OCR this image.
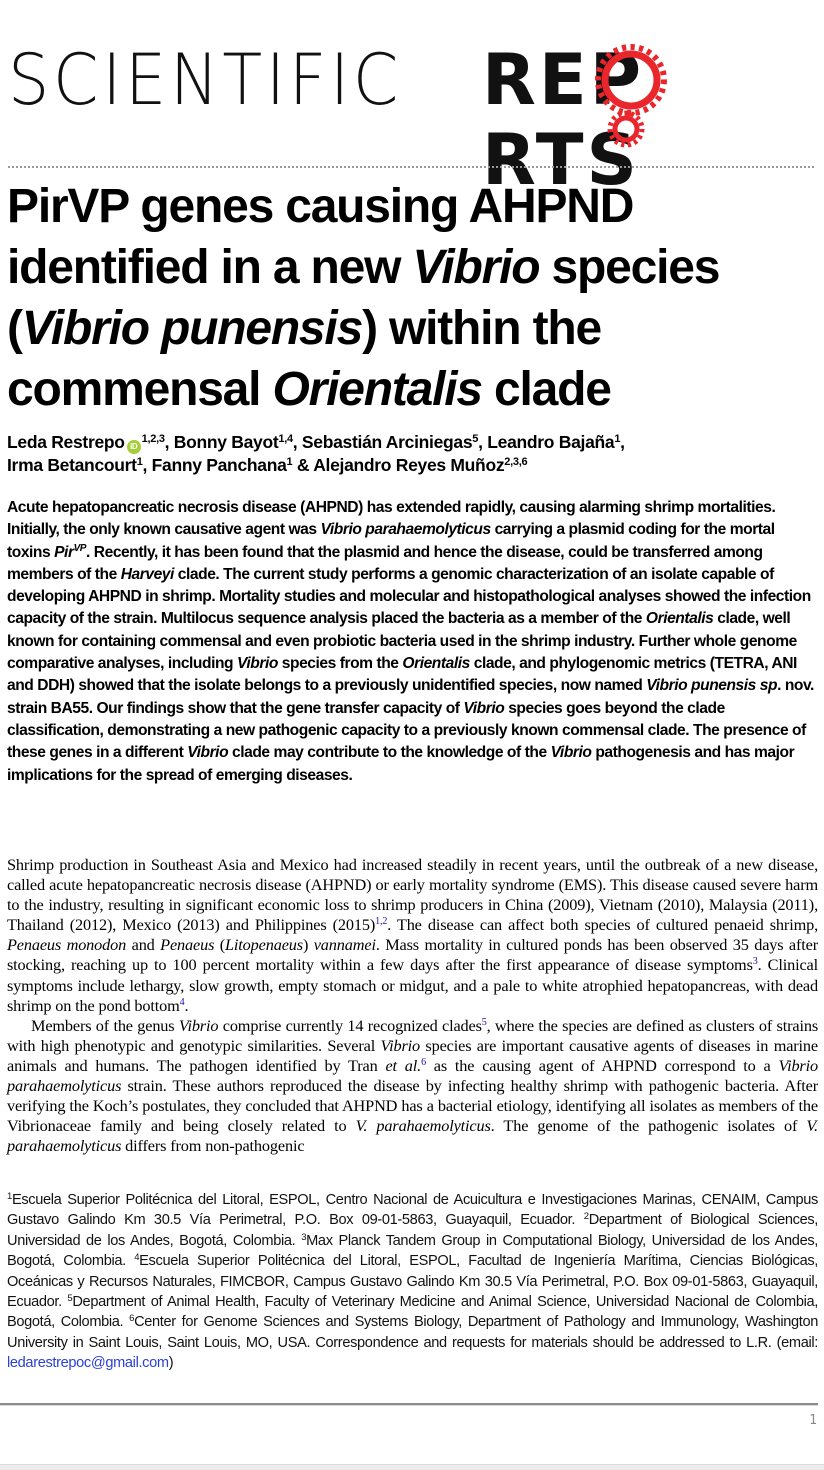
SCIENTIFIC REPRTS
PirVP genes causing AHPND
identified in a new Vibrio species
(Vibrio punensis) within the
commensal Orientalis clade
Leda Restrepo iD$^{1,2,3}$, Bonny Bayot$^{1,4}$, Sebastián Arciniegas$^5$, Leandro Bajaña$^1$,
Irma Betancourt$^1$, Fanny Panchana$^1$ & Alejandro Reyes Muñoz$^{2,3,6}$
Acute hepatopancreatic necrosis disease (AHPND) has extended rapidly, causing alarming shrimp mortalities. Initially, the only known causative agent was Vibrio parahaemolyticus carrying a plasmid coding for the mortal toxins Pir$^{VP}$. Recently, it has been found that the plasmid and hence the disease, could be transferred among members of the Harveyi clade. The current study performs a genomic characterization of an isolate capable of developing AHPND in shrimp. Mortality studies and molecular and histopathological analyses showed the infection capacity of the strain. Multilocus sequence analysis placed the bacteria as a member of the Orientalis clade, well known for containing commensal and even probiotic bacteria used in the shrimp industry. Further whole genome comparative analyses, including Vibrio species from the Orientalis clade, and phylogenomic metrics (TETRA, ANI and DDH) showed that the isolate belongs to a previously unidentified species, now named Vibrio punensis sp. nov. strain BA55. Our findings show that the gene transfer capacity of Vibrio species goes beyond the clade classification, demonstrating a new pathogenic capacity to a previously known commensal clade. The presence of these genes in a different Vibrio clade may contribute to the knowledge of the Vibrio pathogenesis and has major implications for the spread of emerging diseases.

Shrimp production in Southeast Asia and Mexico had increased steadily in recent years, until the outbreak of a new disease, called acute hepatopancreatic necrosis disease (AHPND) or early mortality syndrome (EMS). This disease caused severe harm to the industry, resulting in significant economic loss to shrimp producers in China (2009), Vietnam (2010), Malaysia (2011), Thailand (2012), Mexico (2013) and Philippines $(2015)^{1,2}$. The disease can affect both species of cultured penaeid shrimp, Penaeus monodon and Penaeus (Litopenaeus) vannamei. Mass mortality in cultured ponds has been observed 35 days after stocking, reaching up to 100 percent mortality within a few days after the first appearance of disease symptoms$^3$. Clinical symptoms include lethargy, slow growth, empty stomach or midgut, and a pale to white atrophied hepatopancreas, with dead shrimp on the pond bottom$^4$.

Members of the genus Vibrio comprise currently 14 recognized clades$^5$, where the species are defined as clusters of strains with high phenotypic and genotypic similarities. Several Vibrio species are important causative agents of diseases in marine animals and humans. The pathogen identified by Tran et al.$^6$ as the causing agent of AHPND correspond to a Vibrio parahaemolyticus strain. These authors reproduced the disease by infecting healthy shrimp with pathogenic bacteria. After verifying the Koch’s postulates, they concluded that AHPND has a bacterial etiology, identifying all isolates as members of the Vibrionaceae family and being closely related to V. parahaemolyticus. The genome of the pathogenic isolates of V. parahaemolyticus differs from non-pathogenic

$^1$Escuela Superior Politécnica del Litoral, ESPOL, Centro Nacional de Acuicultura e Investigaciones Marinas, CENAIM, Campus Gustavo Galindo Km 30.5 Vía Perimetral, P.O. Box 09-01-5863, Guayaquil, Ecuador. $^2$Department of Biological Sciences, Universidad de los Andes, Bogotá, Colombia. $^3$Max Planck Tandem Group in Computational Biology, Universidad de los Andes, Bogotá, Colombia. $^4$Escuela Superior Politécnica del Litoral, ESPOL, Facultad de Ingeniería Marítima, Ciencias Biológicas, Oceánicas y Recursos Naturales, FIMCBOR, Campus Gustavo Galindo Km 30.5 Vía Perimetral, P.O. Box 09-01-5863, Guayaquil, Ecuador. $^5$Department of Animal Health, Faculty of Veterinary Medicine and Animal Science, Universidad Nacional de Colombia, Bogotá, Colombia. $^6$Center for Genome Sciences and Systems Biology, Department of Pathology and Immunology, Washington University in Saint Louis, Saint Louis, MO, USA. Correspondence and requests for materials should be addressed to L.R. (email: ledarestrepoc@gmail.com)
1
